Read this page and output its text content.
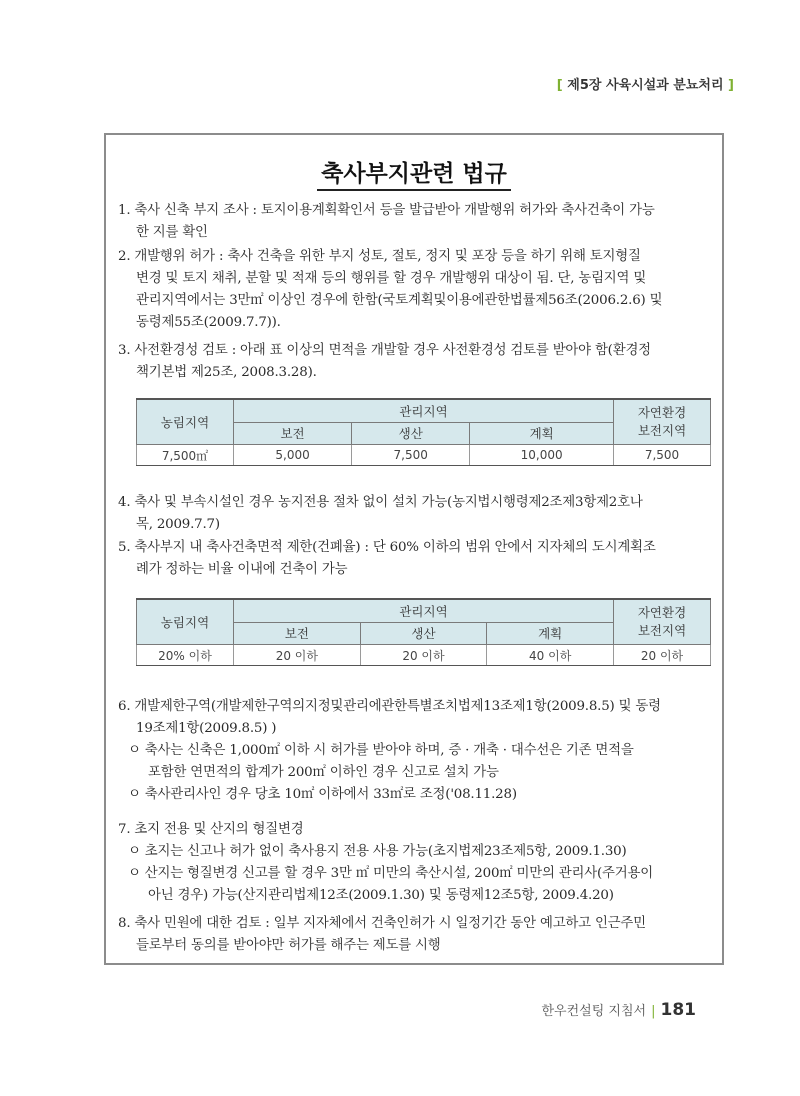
[ 제5장 사육시설과 분뇨처리 ]
축사부지관련 법규
1. 축사 신축 부지 조사 : 토지이용계획확인서 등을 발급받아 개발행위 허가와 축사건축이 가능
한 지를 확인
2. 개발행위 허가 : 축사 건축을 위한 부지 성토, 절토, 정지 및 포장 등을 하기 위해 토지형질
변경 및 토지 채취, 분할 및 적재 등의 행위를 할 경우 개발행위 대상이 됨. 단, 농림지역 및
관리지역에서는 3만㎡ 이상인 경우에 한함(국토계획및이용에관한법률제56조(2006.2.6) 및
동령제55조(2009.7.7)).
3. 사전환경성 검토 : 아래 표 이상의 면적을 개발할 경우 사전환경성 검토를 받아야 함(환경정
책기본법 제25조, 2008.3.28).
농림지역	관리지역			자연환경
보전지역
	보전	생산	계획	
7,500㎡	5,000	7,500	10,000	7,500
4. 축사 및 부속시설인 경우 농지전용 절차 없이 설치 가능(농지법시행령제2조제3항제2호나
목, 2009.7.7)
5. 축사부지 내 축사건축면적 제한(건폐율) : 단 60% 이하의 범위 안에서 지자체의 도시계획조
례가 정하는 비율 이내에 건축이 가능
농림지역	관리지역			자연환경
보전지역
	보전	생산	계획	
20% 이하	20 이하	20 이하	40 이하	20 이하
6. 개발제한구역(개발제한구역의지정및관리에관한특별조치법제13조제1항(2009.8.5) 및 동령
19조제1항(2009.8.5) )
ㅇ 축사는 신축은 1,000㎡ 이하 시 허가를 받아야 하며, 증 · 개축 · 대수선은 기존 면적을
포함한 연면적의 합계가 200㎡ 이하인 경우 신고로 설치 가능
ㅇ 축사관리사인 경우 당초 10㎡ 이하에서 33㎡로 조정('08.11.28)
7. 초지 전용 및 산지의 형질변경
ㅇ 초지는 신고나 허가 없이 축사용지 전용 사용 가능(초지법제23조제5항, 2009.1.30)
ㅇ 산지는 형질변경 신고를 할 경우 3만 ㎡ 미만의 축산시설, 200㎡ 미만의 관리사(주거용이
아닌 경우) 가능(산지관리법제12조(2009.1.30) 및 동령제12조5항, 2009.4.20)
8. 축사 민원에 대한 검토 : 일부 지자체에서 건축인허가 시 일정기간 동안 예고하고 인근주민
들로부터 동의를 받아야만 허가를 해주는 제도를 시행
한우컨설팅 지침서 | 181
